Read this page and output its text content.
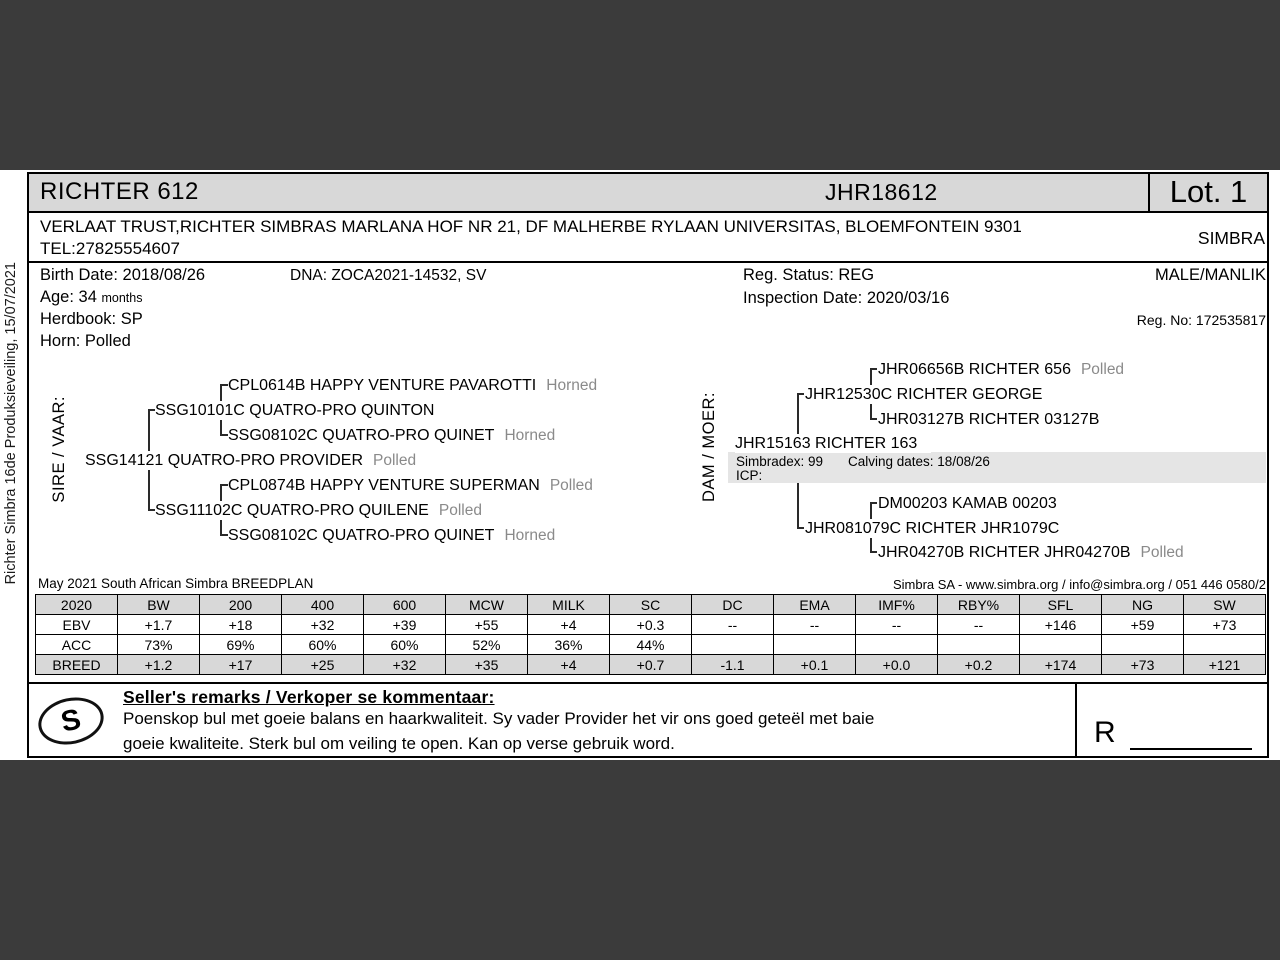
Richter Simbra 16de Produksieveiling, 15/07/2021
RICHTER 612	JHR18612	Lot. 1
VERLAAT TRUST,RICHTER SIMBRAS MARLANA HOF NR 21, DF MALHERBE RYLAAN UNIVERSITAS, BLOEMFONTEIN 9301
TEL:27825554607
SIMBRA
Birth Date: 2018/08/26	DNA: ZOCA2021-14532, SV	Reg. Status: REG	MALE/MANLIK
Age: 34 months	Inspection Date: 2020/03/16
Herdbook: SP	Reg. No: 172535817
Horn: Polled
SIRE / VAAR:	DAM / MOER: Simbradex: 99 Calving dates: 18/08/26
ICP:
CPL0614B HAPPY VENTURE PAVAROTTI Horned
SSG10101C QUATRO-PRO QUINTON
SSG08102C QUATRO-PRO QUINET Horned
SSG14121 QUATRO-PRO PROVIDER Polled
CPL0874B HAPPY VENTURE SUPERMAN Polled
SSG11102C QUATRO-PRO QUILENE Polled
SSG08102C QUATRO-PRO QUINET Horned
JHR06656B RICHTER 656 Polled
JHR12530C RICHTER GEORGE
JHR03127B RICHTER 03127B
JHR15163 RICHTER 163
DM00203 KAMAB 00203
JHR081079C RICHTER JHR1079C
JHR04270B RICHTER JHR04270B Polled
May 2021 South African Simbra BREEDPLAN	Simbra SA - www.simbra.org / info@simbra.org / 051 446 0580/2
2020	BW	200	400	600	MCW	MILK	SC	DC	EMA	IMF%	RBY%	SFL	NG	SW
EBV	+1.7	+18	+32	+39	+55	+4	+0.3	--	--	--	--	+146	+59	+73
ACC	73%	69%	60%	60%	52%	36%	44%							
BREED	+1.2	+17	+25	+32	+35	+4	+0.7	-1.1	+0.1	+0.0	+0.2	+174	+73	+121
S
Seller's remarks / Verkoper se kommentaar:
Poenskop bul met goeie balans en haarkwaliteit. Sy vader Provider het vir ons goed geteël met baie
goeie kwaliteite. Sterk bul om veiling te open. Kan op verse gebruik word.	R
